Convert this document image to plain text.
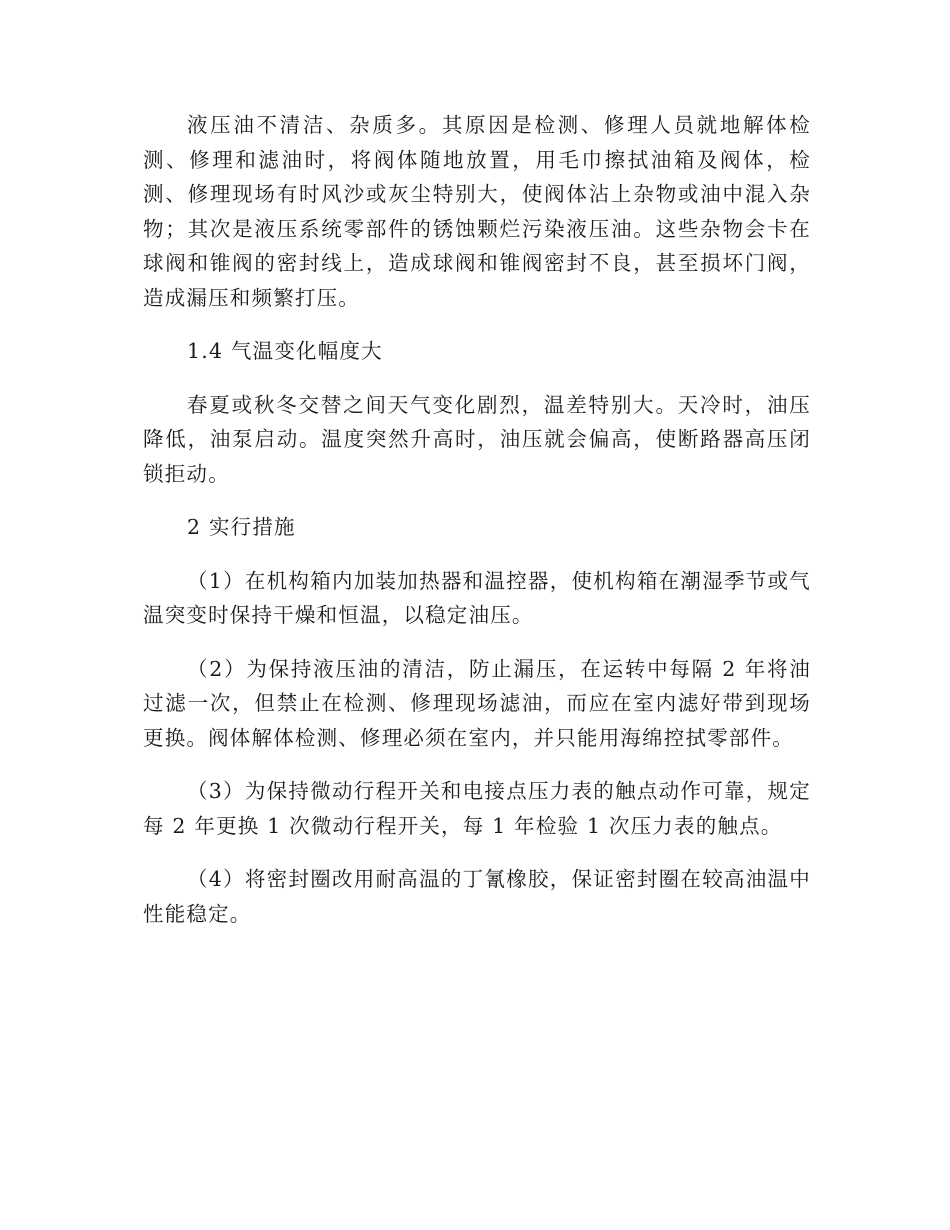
液压油不清洁、杂质多。其原因是检测、修理人员就地解体检测、修理和滤油时，将阀体随地放置，用毛巾擦拭油箱及阀体，检测、修理现场有时风沙或灰尘特别大，使阀体沾上杂物或油中混入杂物；其次是液压系统零部件的锈蚀颗烂污染液压油。这些杂物会卡在球阀和锥阀的密封线上，造成球阀和锥阀密封不良，甚至损坏门阀，造成漏压和频繁打压。

1.4 气温变化幅度大

春夏或秋冬交替之间天气变化剧烈，温差特别大。天冷时，油压降低，油泵启动。温度突然升高时，油压就会偏高，使断路器高压闭锁拒动。

2 实行措施

（1）在机构箱内加装加热器和温控器，使机构箱在潮湿季节或气温突变时保持干燥和恒温，以稳定油压。

（2）为保持液压油的清洁，防止漏压，在运转中每隔 2 年将油过滤一次，但禁止在检测、修理现场滤油，而应在室内滤好带到现场更换。阀体解体检测、修理必须在室内，并只能用海绵控拭零部件。

（3）为保持微动行程开关和电接点压力表的触点动作可靠，规定每 2 年更换 1 次微动行程开关，每 1 年检验 1 次压力表的触点。

（4）将密封圈改用耐高温的丁氰橡胶，保证密封圈在较高油温中性能稳定。
